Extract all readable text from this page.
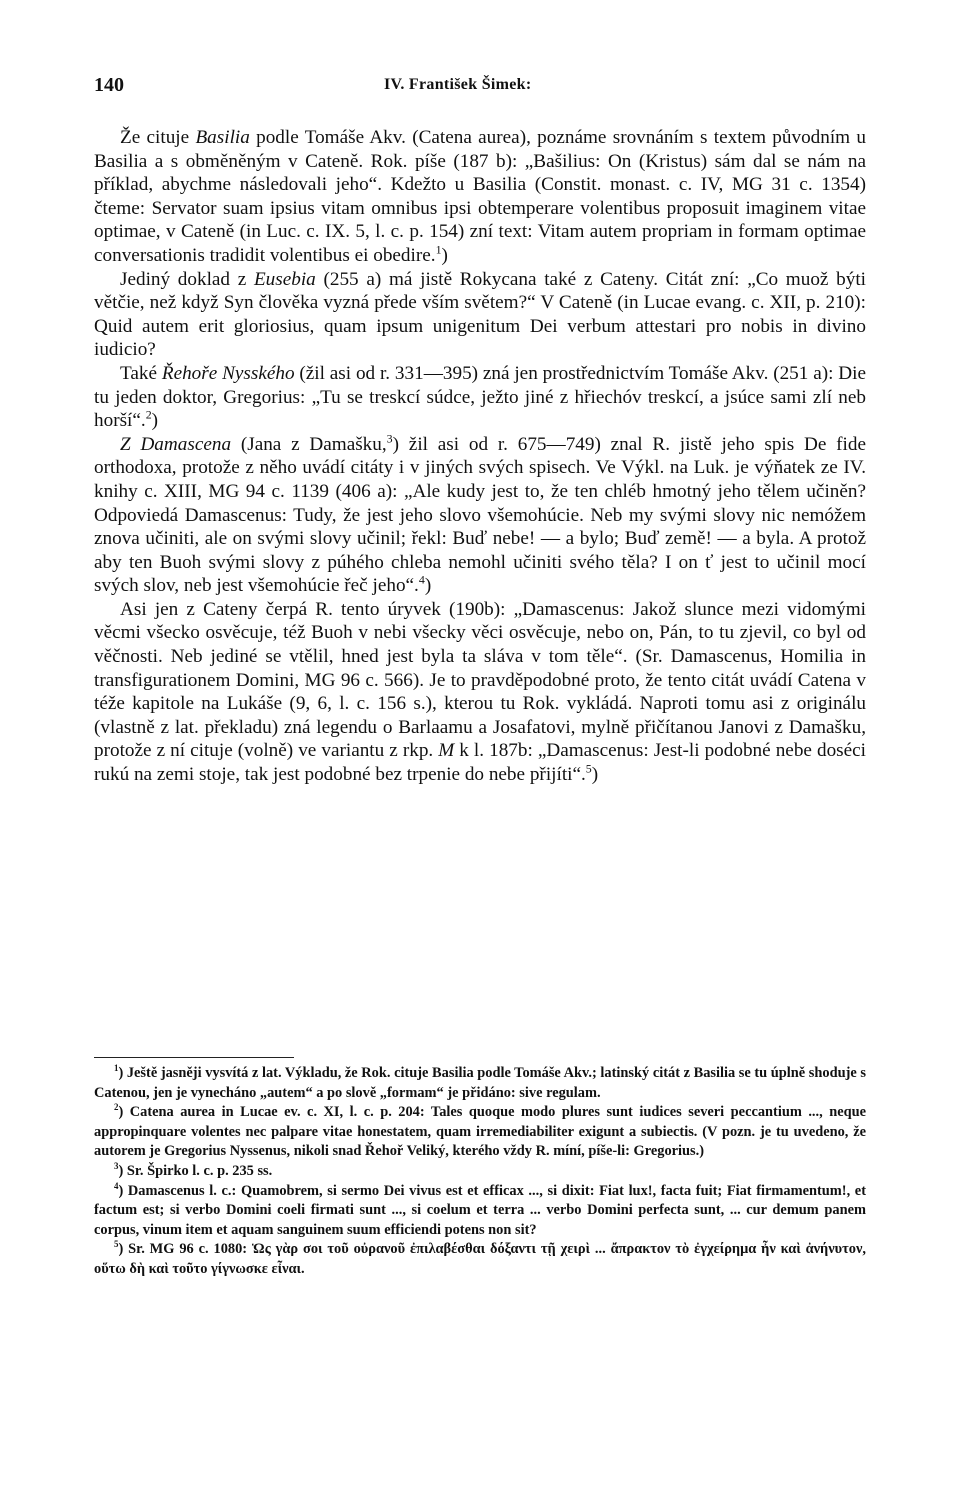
140	IV. František Šimek:

Že cituje Basilia podle Tomáše Akv. (Catena aurea), poznáme srovnáním s textem původním u Basilia a s obměněným v Cateně. Rok. píše (187 b): „Bašilius: On (Kristus) sám dal se nám na příklad, abychme následovali jeho“. Kdežto u Basilia (Constit. monast. c. IV, MG 31 c. 1354) čteme: Servator suam ipsius vitam omnibus ipsi obtemperare volentibus proposuit imaginem vitae optimae, v Cateně (in Luc. c. IX. 5, l. c. p. 154) zní text: Vitam autem propriam in formam optimae conversationis tradidit volentibus ei obedire.$^1$)

Jediný doklad z Eusebia (255 a) má jistě Rokycana také z Cateny. Citát zní: „Co muož býti větčie, než když Syn člověka vyzná přede vším světem?“ V Cateně (in Lucae evang. c. XII, p. 210): Quid autem erit gloriosius, quam ipsum unigenitum Dei verbum attestari pro nobis in divino iudicio?

Také Řehoře Nysského (žil asi od r. 331—395) zná jen prostřednictvím Tomáše Akv. (251 a): Die tu jeden doktor, Gregorius: „Tu se treskcí súdce, ježto jiné z hřiechóv treskcí, a jsúce sami zlí neb horší“.$^2$)

Z Damascena (Jana z Damašku,$^3$) žil asi od r. 675—749) znal R. jistě jeho spis De fide orthodoxa, protože z něho uvádí citáty i v jiných svých spisech. Ve Výkl. na Luk. je výňatek ze IV. knihy c. XIII, MG 94 c. 1139 (406 a): „Ale kudy jest to, že ten chléb hmotný jeho tělem učiněn? Odpoviedá Damascenus: Tudy, že jest jeho slovo všemohúcie. Neb my svými slovy nic nemóžem znova učiniti, ale on svými slovy učinil; řekl: Buď nebe! — a bylo; Buď země! — a byla. A protož aby ten Buoh svými slovy z púhého chleba nemohl učiniti svého těla? I on ť jest to učinil mocí svých slov, neb jest všemohúcie řeč jeho“.$^4$)

Asi jen z Cateny čerpá R. tento úryvek (190b): „Damascenus: Jakož slunce mezi vidomými věcmi všecko osvěcuje, též Buoh v nebi všecky věci osvěcuje, nebo on, Pán, to tu zjevil, co byl od věčnosti. Neb jediné se vtělil, hned jest byla ta sláva v tom těle“. (Sr. Damascenus, Homilia in transfigurationem Domini, MG 96 c. 566). Je to pravděpodobné proto, že tento citát uvádí Catena v téže kapitole na Lukáše (9, 6, l. c. 156 s.), kterou tu Rok. vykládá. Naproti tomu asi z originálu (vlastně z lat. překladu) zná legendu o Barlaamu a Josafatovi, mylně přičítanou Janovi z Damašku, protože z ní cituje (volně) ve variantu z rkp. M k l. 187b: „Damascenus: Jest-li podobné nebe doséci rukú na zemi stoje, tak jest podobné bez trpenie do nebe přijíti“.$^5$)

$^1$) Ještě jasněji vysvítá z lat. Výkladu, že Rok. cituje Basilia podle Tomáše Akv.; latinský citát z Basilia se tu úplně shoduje s Catenou, jen je vynecháno „autem“ a po slově „formam“ je přidáno: sive regulam.

$^2$) Catena aurea in Lucae ev. c. XI, l. c. p. 204: Tales quoque modo plures sunt iudices severi peccantium ..., neque appropinquare volentes nec palpare vitae honestatem, quam irremediabiliter exigunt a subiectis. (V pozn. je tu uvedeno, že autorem je Gregorius Nyssenus, nikoli snad Řehoř Veliký, kterého vždy R. míní, píše-li: Gregorius.)

$^3$) Sr. Špirko l. c. p. 235 ss.

$^4$) Damascenus l. c.: Quamobrem, si sermo Dei vivus est et efficax ..., si dixit: Fiat lux!, facta fuit; Fiat firmamentum!, et factum est; si verbo Domini coeli firmati sunt ..., si coelum et terra ... verbo Domini perfecta sunt, ... cur demum panem corpus, vinum item et aquam sanguinem suum efficiendi potens non sit?

$^5$) Sr. MG 96 c. 1080: Ὡς γὰρ σοι τοῦ οὐρανοῦ ἐπιλαβέσθαι δόξαντι τῇ χειρὶ ... ἄπρακτον τὸ ἐγχείρημα ἦν καὶ ἀνήνυτον, οὕτω δὴ καὶ τοῦτο γίγνωσκε εἶναι.
